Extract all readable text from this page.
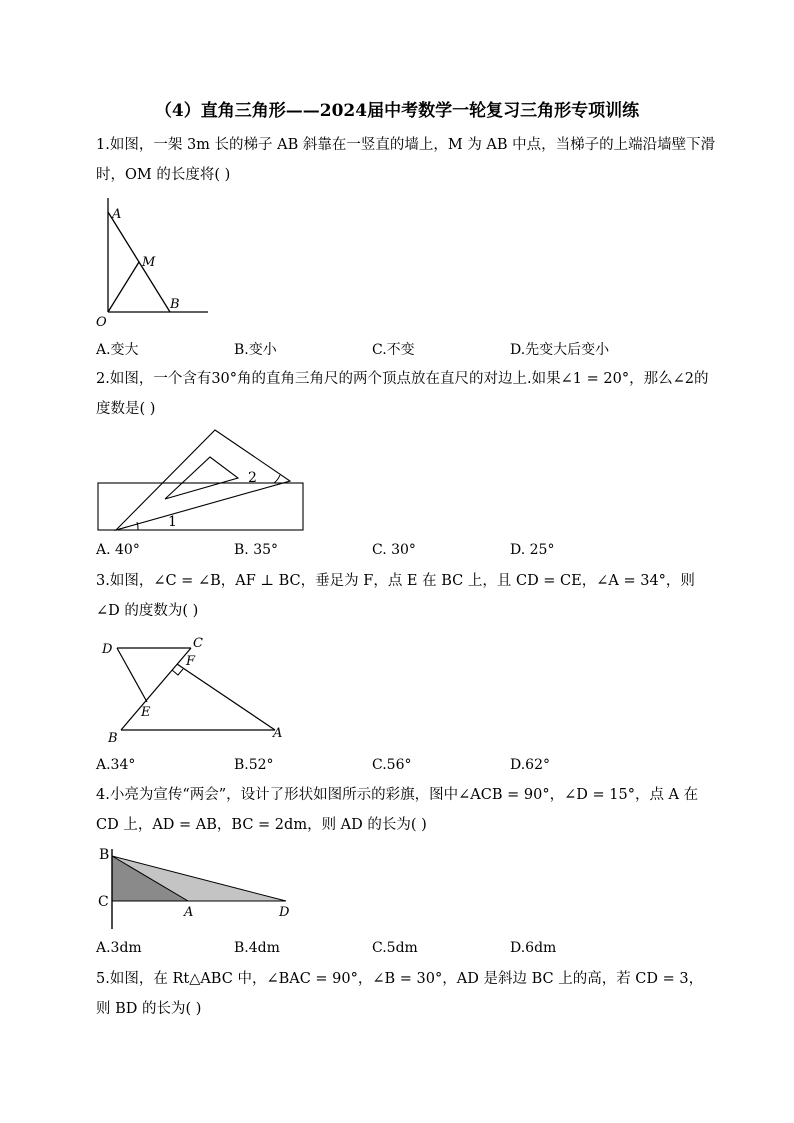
（4）直角三角形——2024届中考数学一轮复习三角形专项训练
1.如图，一架 3m 长的梯子 AB 斜靠在一竖直的墙上，M 为 AB 中点，当梯子的上端沿墙壁下滑时，OM 的长度将( )
A
M
B
O
A.变大	B.变小	C.不变	D.先变大后变小
2.如图，一个含有30°角的直角三角尺的两个顶点放在直尺的对边上.如果∠1 = 20°，那么∠2的度数是( )
2
1
A. 40°	B. 35°	C. 30°	D. 25°
3.如图，∠C = ∠B，AF ⊥ BC，垂足为 F，点 E 在 BC 上，且 CD = CE，∠A = 34°，则∠D 的度数为( )
D	C
F
E
B	A
A.34°	B.52°	C.56°	D.62°
4.小亮为宣传“两会”，设计了形状如图所示的彩旗，图中∠ACB = 90°，∠D = 15°，点 A 在 CD 上，AD = AB，BC = 2dm，则 AD 的长为( )
B
C
A	D
A.3dm	B.4dm	C.5dm	D.6dm
5.如图，在 Rt△ABC 中，∠BAC = 90°，∠B = 30°，AD 是斜边 BC 上的高，若 CD = 3，则 BD 的长为( )
